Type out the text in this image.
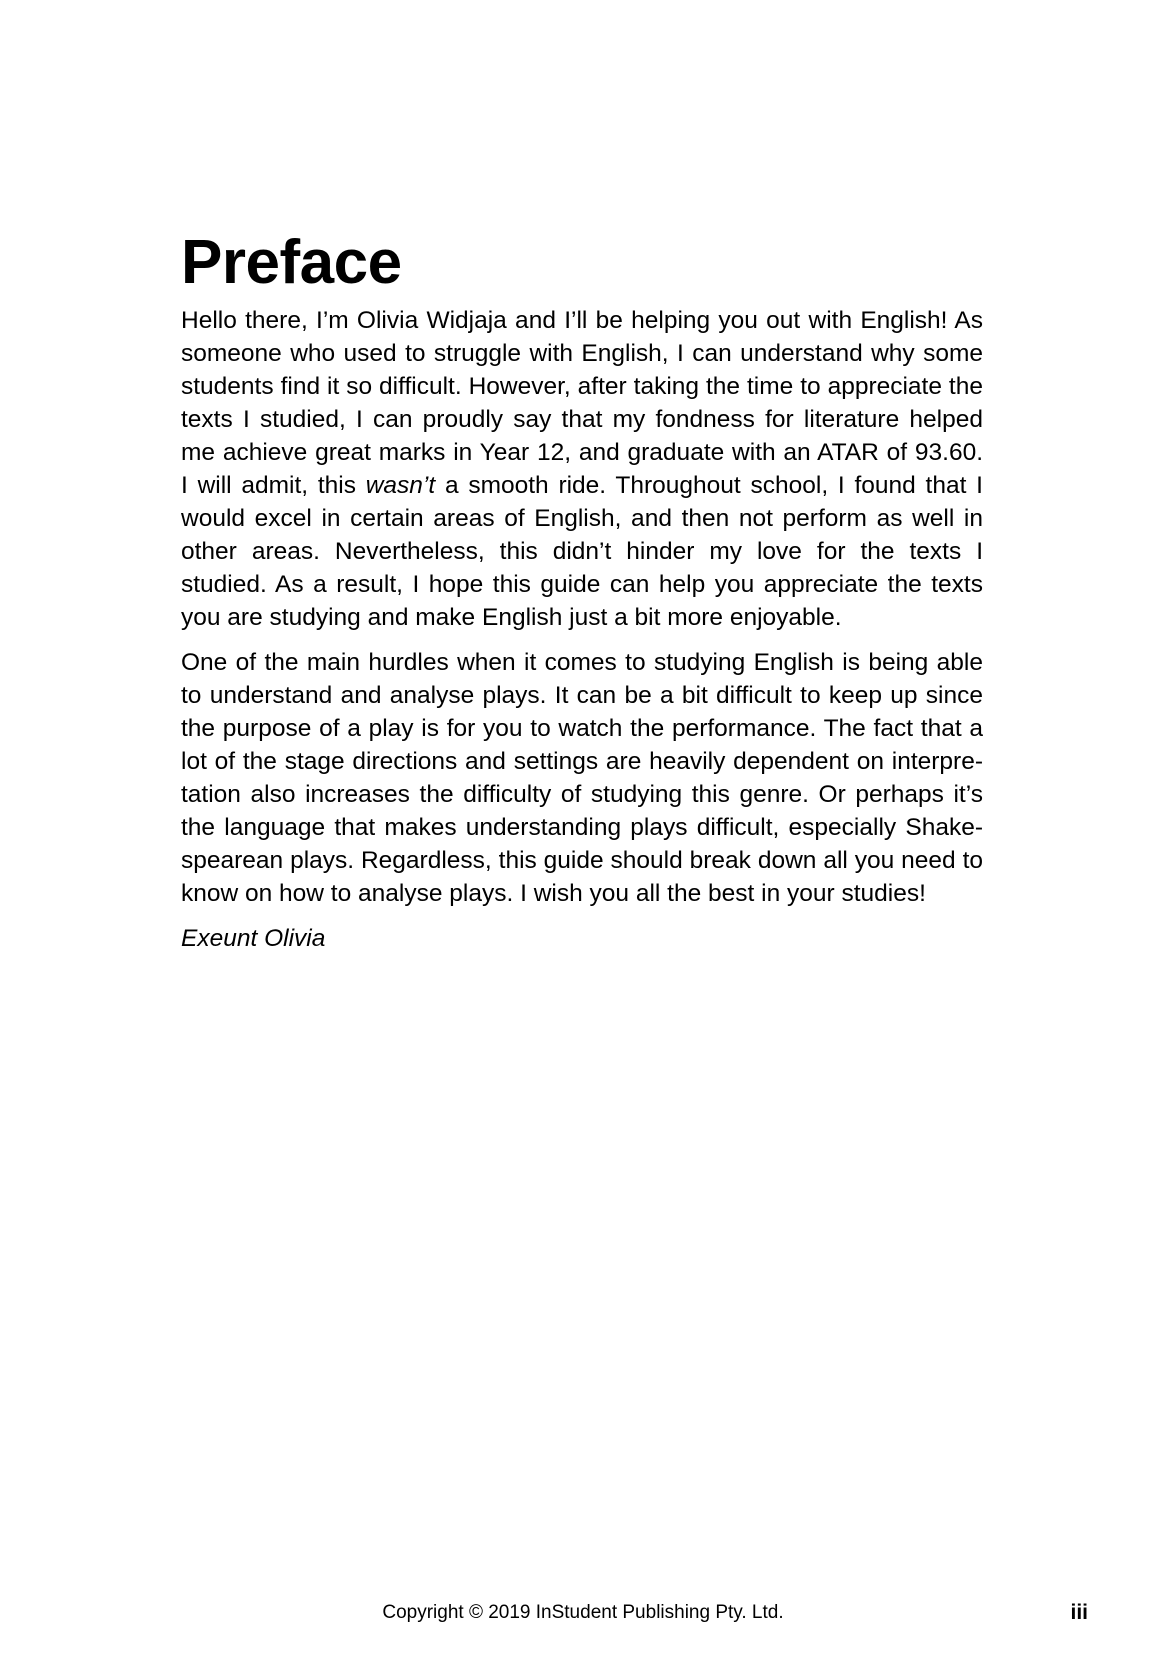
Preface

Hello there, I’m Olivia Widjaja and I’ll be helping you out with English! As someone who used to struggle with English, I can understand why some students find it so difficult. However, after taking the time to appreciate the texts I studied, I can proudly say that my fondness for literature helped me achieve great marks in Year 12, and graduate with an ATAR of 93.60. I will admit, this wasn’t a smooth ride. Throughout school, I found that I would excel in certain areas of English, and then not perform as well in other areas. Nevertheless, this didn’t hinder my love for the texts I studied. As a result, I hope this guide can help you appreciate the texts you are studying and make English just a bit more enjoyable.

One of the main hurdles when it comes to studying English is being able to understand and analyse plays. It can be a bit difficult to keep up since the purpose of a play is for you to watch the performance. The fact that a lot of the stage directions and settings are heavily dependent on interpretation also increases the difficulty of studying this genre. Or perhaps it’s the language that makes understanding plays difficult, especially Shakespearean plays. Regardless, this guide should break down all you need to know on how to analyse plays. I wish you all the best in your studies!

Exeunt Olivia

Copyright © 2019 InStudent Publishing Pty. Ltd.	iii
